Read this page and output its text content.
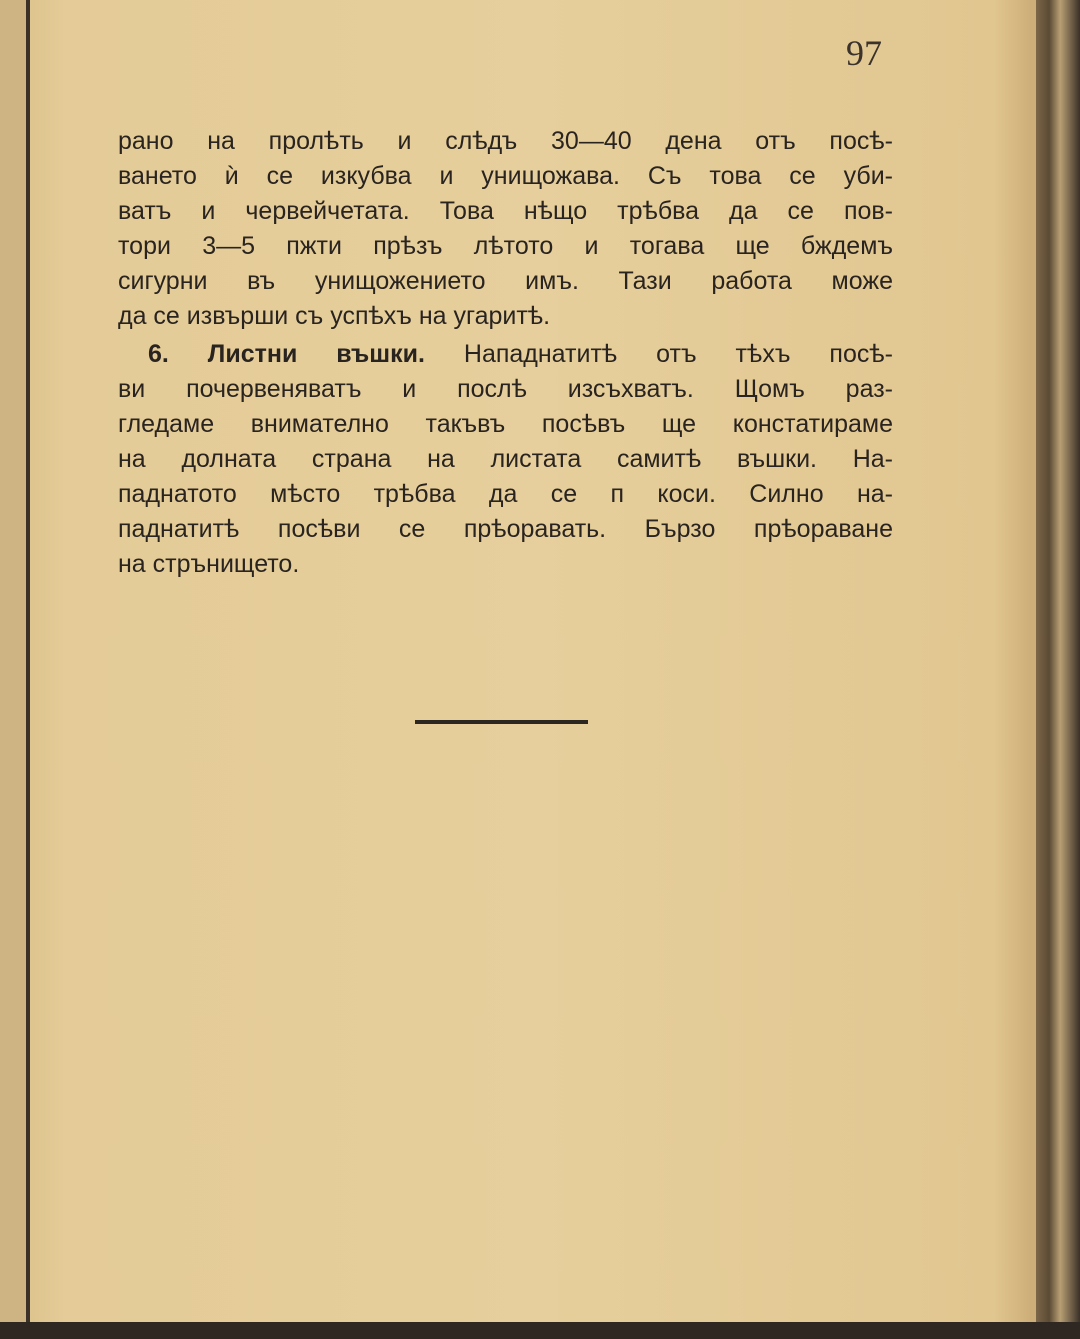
97
рано на пролѣть и слѣдъ 30—40 дена отъ посѣ-
ването ѝ се изкубва и унищожава. Съ това се уби-
ватъ и червейчетата. Това нѣщо трѣбва да се пов-
тори 3—5 пжти прѣзъ лѣтото и тогава ще бждемъ
сигурни въ унищожението имъ. Тази работа може
да се извърши съ успѣхъ на угаритѣ.
6. Листни въшки. Нападнатитѣ отъ тѣхъ посѣ-
ви почервеняватъ и послѣ изсъхватъ. Щомъ раз-
гледаме внимателно такъвъ посѣвъ ще констатираме
на долната страна на листата самитѣ въшки. На-
паднатото мѣсто трѣбва да се п коси. Силно на-
паднатитѣ посѣви се прѣоравать. Бързо прѣораване
на стрънището.
